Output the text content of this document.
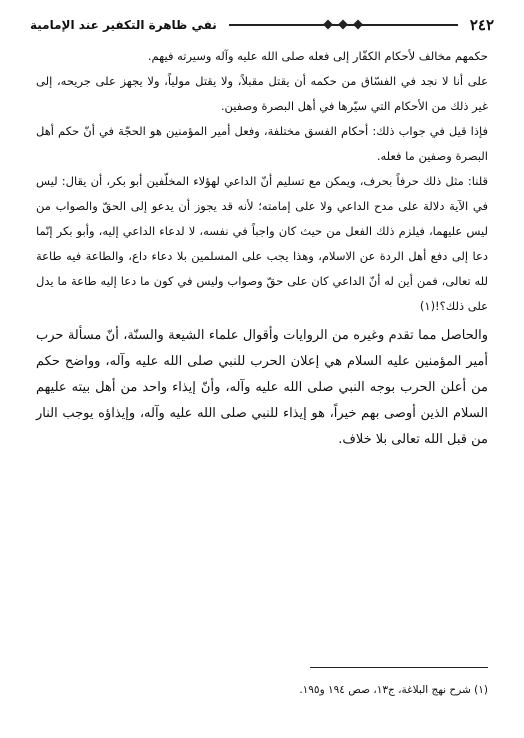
٢٤٢
نفي ظاهرة التكفير عند الإمامية

حكمهم مخالف لأحكام الكفّار إلى فعله صلى الله عليه وآله وسيرته فيهم.

على أنا لا نجد في الفسّاق من حكمه أن يقتل مقبلاً، ولا يقتل مولياً، ولا يجهز على جريحه، إلى غير ذلك من الأحكام التي سيّرها في أهل البصرة وصفين.

فإذا قيل في جواب ذلك: أحكام الفسق مختلفة، وفعل أمير المؤمنين هو الحجّة في أنّ حكم أهل البصرة وصفين ما فعله.

قلنا: مثل ذلك حرفاً بحرف، ويمكن مع تسليم أنّ الداعي لهؤلاء المخلّفين أبو بكر، أن يقال: ليس في الآية دلالة على مدح الداعي ولا على إمامته؛ لأنه قد يجوز أن يدعو إلى الحقّ والصواب من ليس عليهما، فيلزم ذلك الفعل من حيث كان واجباً في نفسه، لا لدعاء الداعي إليه، وأبو بكر إنّما دعا إلى دفع أهل الردة عن الاسلام، وهذا يجب على المسلمين بلا دعاء داع، والطاعة فيه طاعة لله تعالى، فمن أين له أنّ الداعي كان على حقّ وصواب وليس في كون ما دعا إليه طاعة ما يدل على ذلك؟!(١)

والحاصل مما تقدم وغيره من الروايات وأقوال علماء الشيعة والسنّة، أنّ مسألة حرب أمير المؤمنين عليه السلام هي إعلان الحرب للنبي صلى الله عليه وآله، وواضح حكم من أعلن الحرب بوجه النبي صلى الله عليه وآله، وأنّ إيذاء واحد من أهل بيته عليهم السلام الذين أوصى بهم خيراً، هو إيذاء للنبي صلى الله عليه وآله، وإيذاؤه يوجب النار من قبل الله تعالى بلا خلاف.

(١) شرح نهج البلاغة، ج١٣، صص ١٩٤ و١٩٥.
